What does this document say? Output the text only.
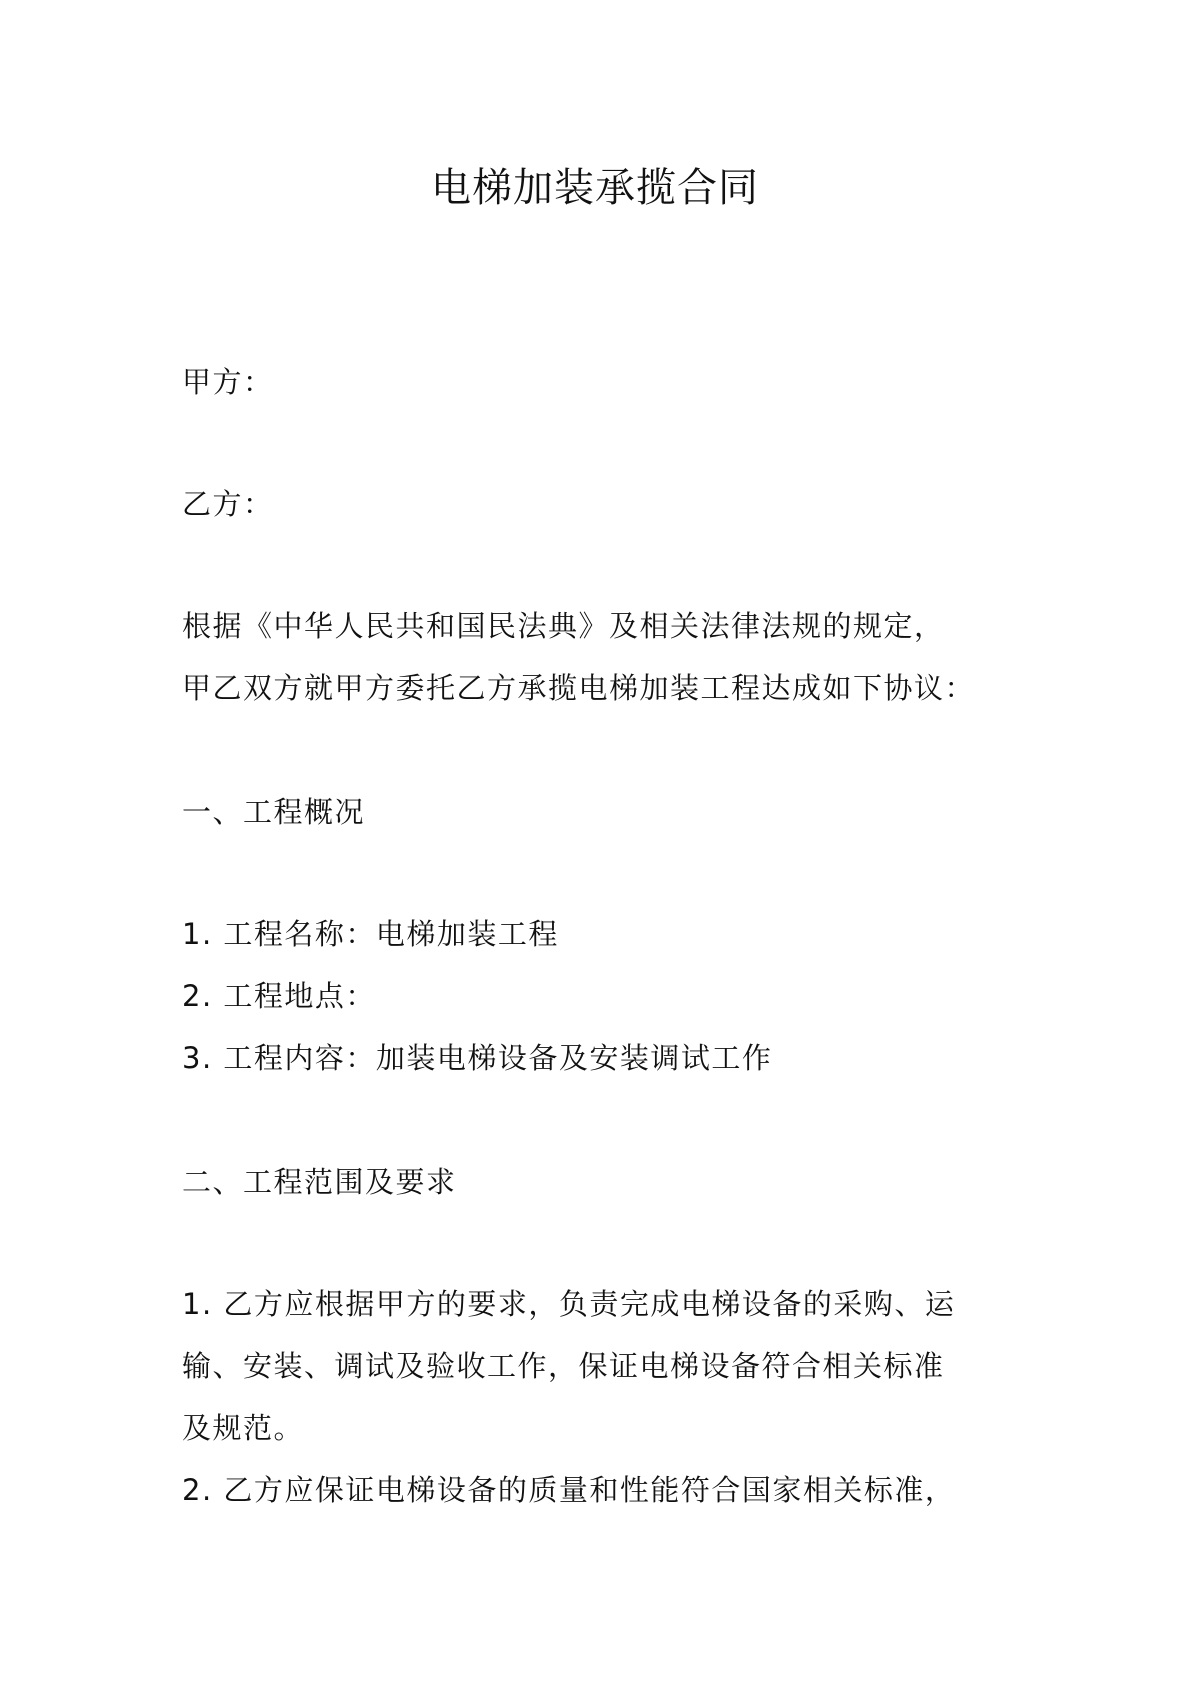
电梯加装承揽合同
甲方：
乙方：
根据《中华人民共和国民法典》及相关法律法规的规定，
甲乙双方就甲方委托乙方承揽电梯加装工程达成如下协议：
一、工程概况
1. 工程名称：电梯加装工程
2. 工程地点：
3. 工程内容：加装电梯设备及安装调试工作
二、工程范围及要求
1. 乙方应根据甲方的要求，负责完成电梯设备的采购、运
输、安装、调试及验收工作，保证电梯设备符合相关标准
及规范。
2. 乙方应保证电梯设备的质量和性能符合国家相关标准，
